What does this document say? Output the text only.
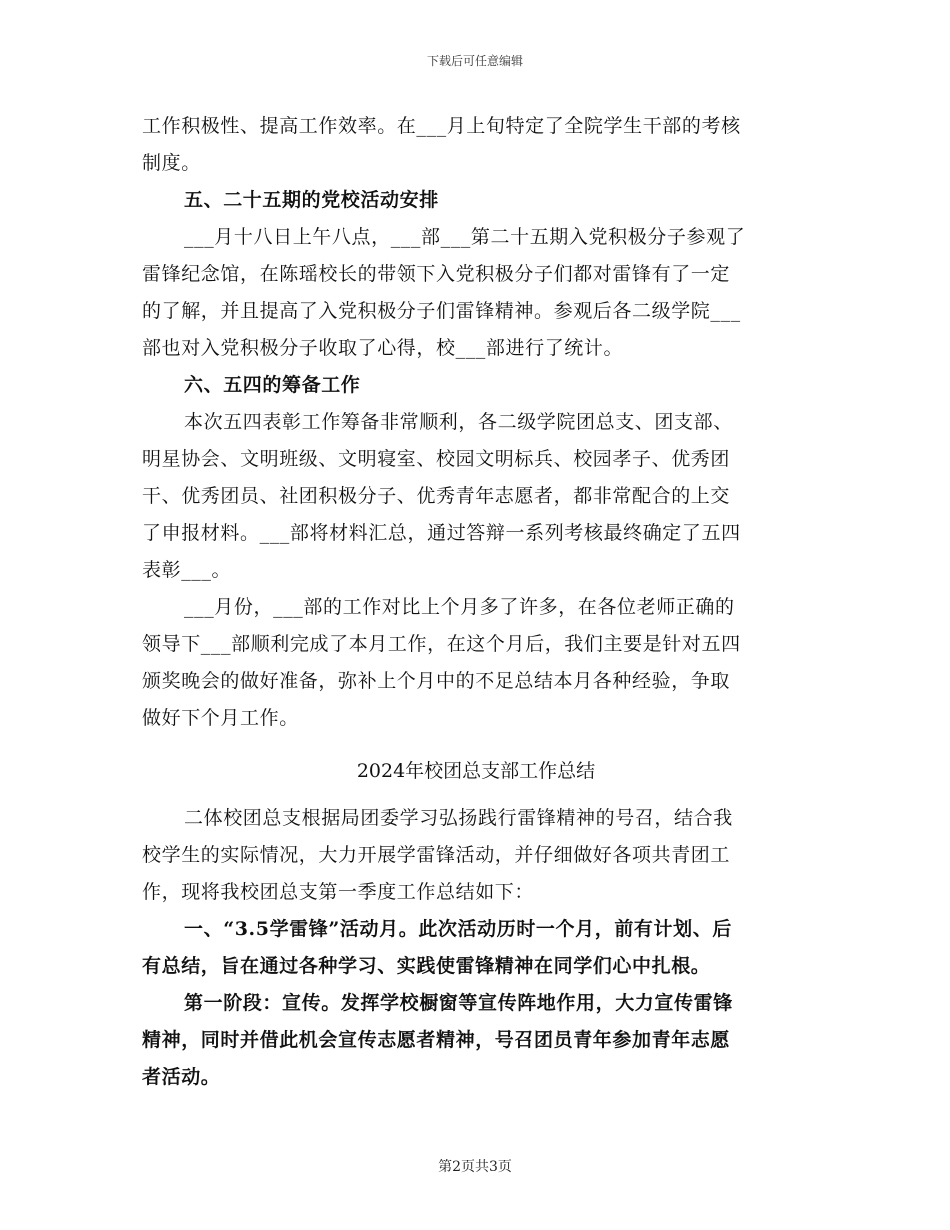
下载后可任意编辑
工作积极性、提高工作效率。在___月上旬特定了全院学生干部的考核
制度。
五、二十五期的党校活动安排
___月十八日上午八点，___部___第二十五期入党积极分子参观了
雷锋纪念馆，在陈瑶校长的带领下入党积极分子们都对雷锋有了一定
的了解，并且提高了入党积极分子们雷锋精神。参观后各二级学院___
部也对入党积极分子收取了心得，校___部进行了统计。
六、五四的筹备工作
本次五四表彰工作筹备非常顺利，各二级学院团总支、团支部、
明星协会、文明班级、文明寝室、校园文明标兵、校园孝子、优秀团
干、优秀团员、社团积极分子、优秀青年志愿者，都非常配合的上交
了申报材料。___部将材料汇总，通过答辩一系列考核最终确定了五四
表彰___。
___月份，___部的工作对比上个月多了许多，在各位老师正确的
领导下___部顺利完成了本月工作，在这个月后，我们主要是针对五四
颁奖晚会的做好准备，弥补上个月中的不足总结本月各种经验，争取
做好下个月工作。
2024年校团总支部工作总结
二体校团总支根据局团委学习弘扬践行雷锋精神的号召，结合我
校学生的实际情况，大力开展学雷锋活动，并仔细做好各项共青团工
作，现将我校团总支第一季度工作总结如下：
一、“3.5学雷锋”活动月。此次活动历时一个月，前有计划、后
有总结，旨在通过各种学习、实践使雷锋精神在同学们心中扎根。
第一阶段：宣传。发挥学校橱窗等宣传阵地作用，大力宣传雷锋
精神，同时并借此机会宣传志愿者精神，号召团员青年参加青年志愿
者活动。
第2页共3页
